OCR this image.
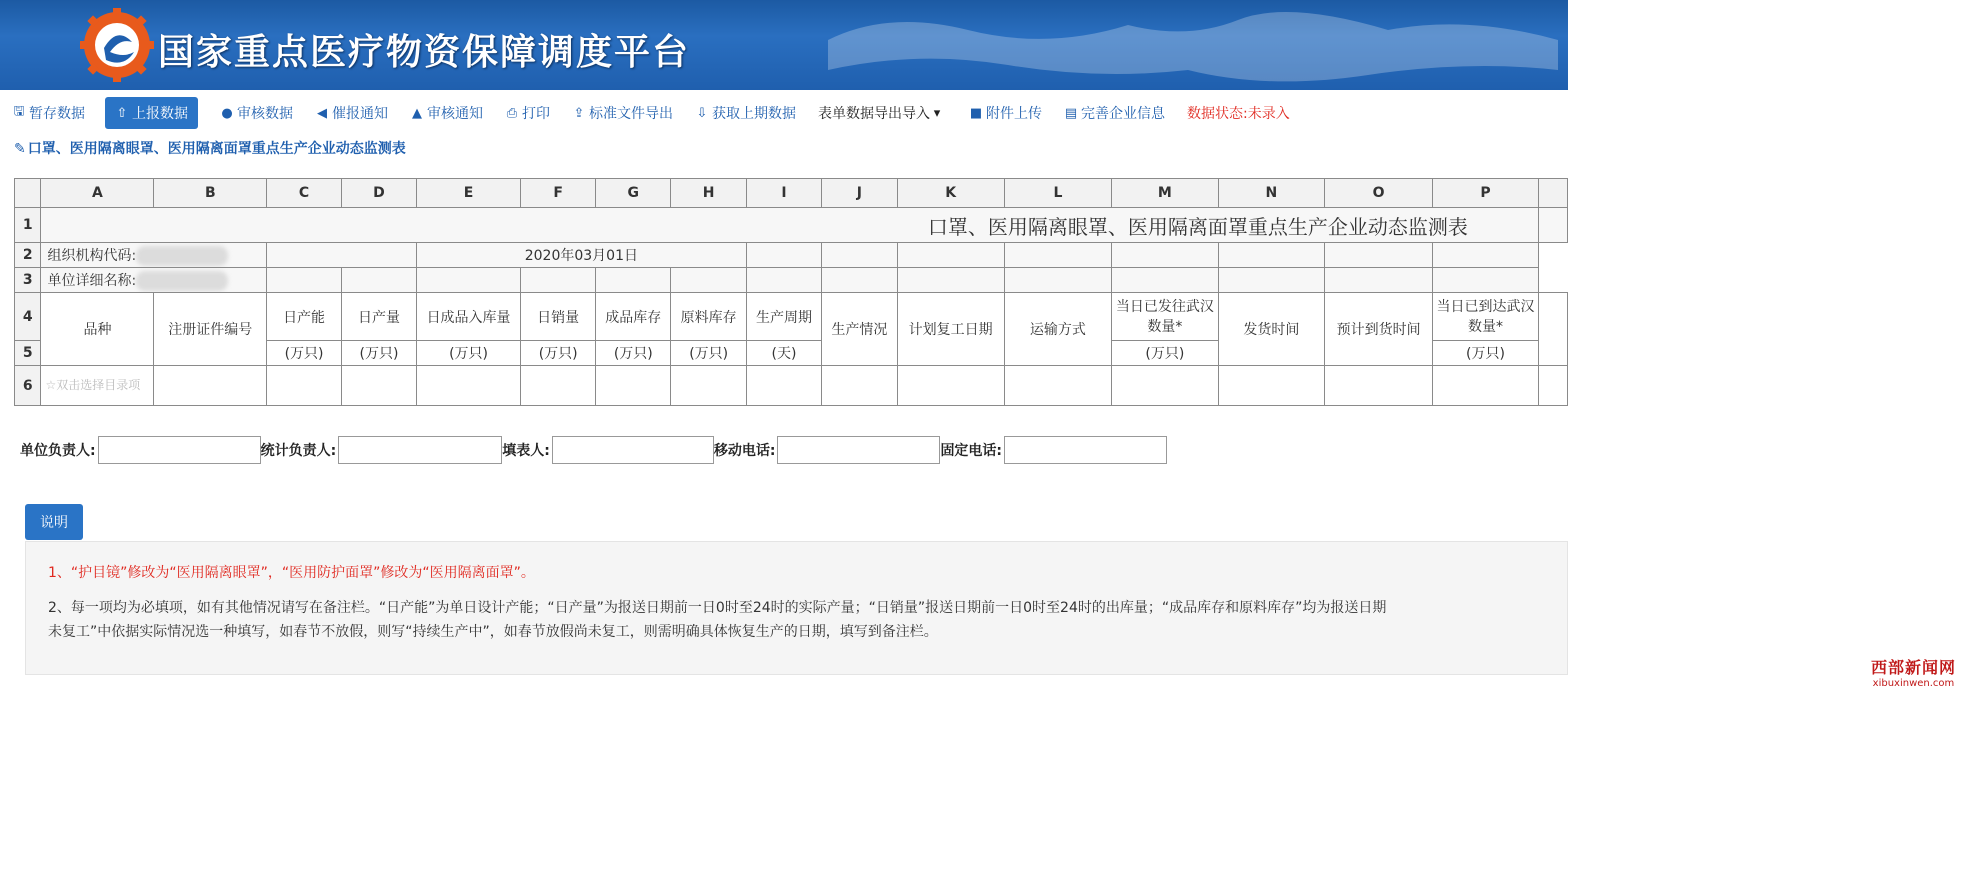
国家重点医疗物资保障调度平台
🖫 暂存数据 ⇧ 上报数据	● 审核数据 ◀ 催报通知 ▲ 审核通知 ⎙ 打印 ⇪ 标准文件导出 ⇩ 获取上期数据 表单数据导出导入 ▾ ■ 附件上传 ▤ 完善企业信息 数据状态:未录入
✎ 口罩、医用隔离眼罩、医用隔离面罩重点生产企业动态监测表
	A	B	C	D	E	F	G	H	I	J	K	L	M	N	O	P	
1	口罩、医用隔离眼罩、医用隔离面罩重点生产企业动态监测表																
2	组织机构代码:				2020年03月01日												
3	单位详细名称:																
4	品种	注册证件编号	日产能	日产量	日成品入库量	日销量	成品库存	原料库存	生产周期	生产情况	计划复工日期	运输方式	当日已发往武汉数量*	发货时间	预计到货时间	当日已到达武汉数量*	
5			(万只)	(万只)	(万只)	(万只)	(万只)	(万只)	(天)				(万只)			(万只)	
6	☆双击选择目录项																
单位负责人:	统计负责人:	填表人:	移动电话:	固定电话:
说明
1、“护目镜”修改为“医用隔离眼罩”，“医用防护面罩”修改为“医用隔离面罩”。
2、每一项均为必填项，如有其他情况请写在备注栏。“日产能”为单日设计产能；“日产量”为报送日期前一日0时至24时的实际产量；“日销量”报送日期前一日0时至24时的出库量；“成品库存和原料库存”均为报送日期
未复工”中依据实际情况选一种填写，如春节不放假，则写“持续生产中”，如春节放假尚未复工，则需明确具体恢复生产的日期，填写到备注栏。
西部新闻网
xibuxinwen.com
